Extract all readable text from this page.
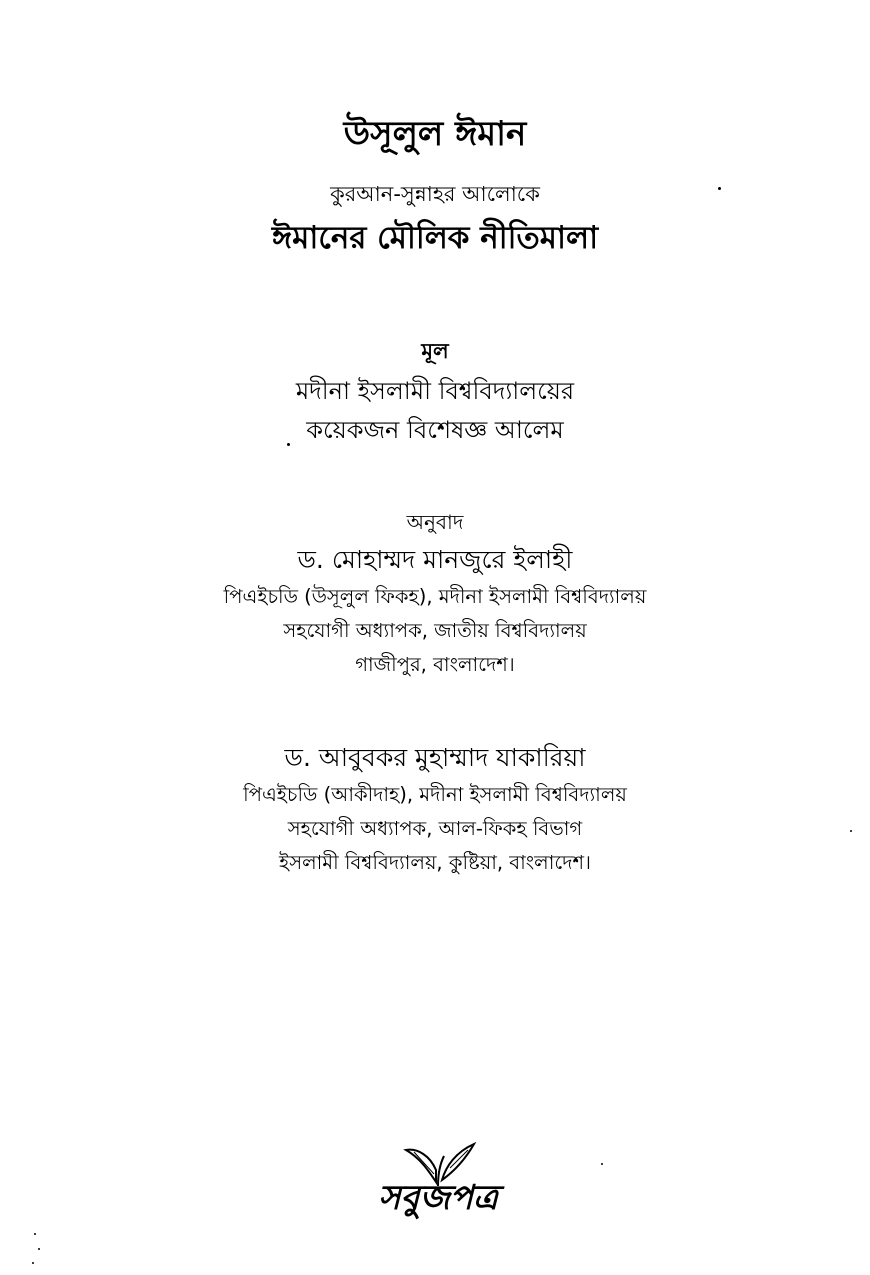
উসূলুল ঈমান
কুরআন-সুন্নাহর আলোকে
ঈমানের মৌলিক নীতিমালা
মূল
মদীনা ইসলামী বিশ্ববিদ্যালয়ের
কয়েকজন বিশেষজ্ঞ আলেম
অনুবাদ
ড. মোহাম্মদ মানজুরে ইলাহী
পিএইচডি (উসূলুল ফিকহ), মদীনা ইসলামী বিশ্ববিদ্যালয়
সহযোগী অধ্যাপক, জাতীয় বিশ্ববিদ্যালয়
গাজীপুর, বাংলাদেশ।
ড. আবুবকর মুহাম্মাদ যাকারিয়া
পিএইচডি (আকীদাহ), মদীনা ইসলামী বিশ্ববিদ্যালয়
সহযোগী অধ্যাপক, আল-ফিকহ বিভাগ
ইসলামী বিশ্ববিদ্যালয়, কুষ্টিয়া, বাংলাদেশ।
সবুজপত্র
